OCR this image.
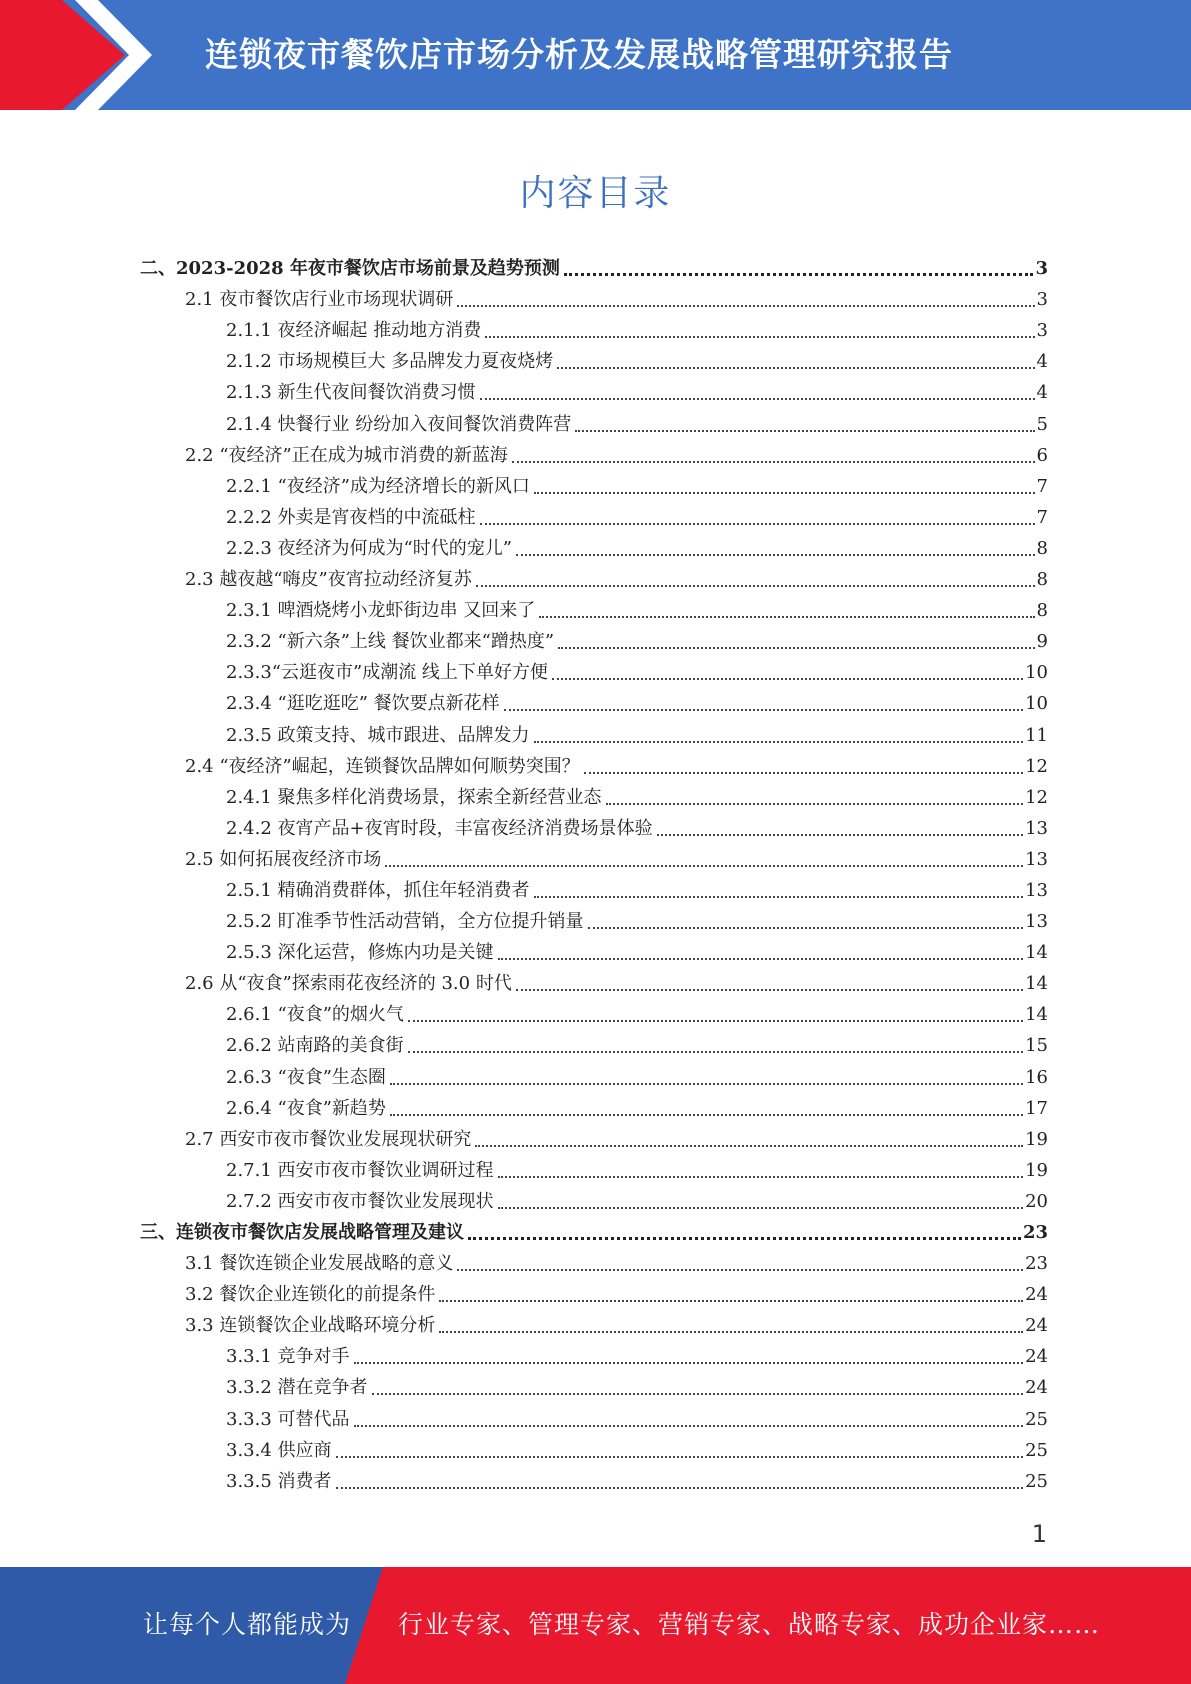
连锁夜市餐饮店市场分析及发展战略管理研究报告
内容目录
二、2023-2028 年夜市餐饮店市场前景及趋势预测	3
2.1 夜市餐饮店行业市场现状调研	3
2.1.1 夜经济崛起 推动地方消费	3
2.1.2 市场规模巨大 多品牌发力夏夜烧烤	4
2.1.3 新生代夜间餐饮消费习惯	4
2.1.4 快餐行业 纷纷加入夜间餐饮消费阵营	5
2.2 “夜经济”正在成为城市消费的新蓝海	6
2.2.1 “夜经济”成为经济增长的新风口	7
2.2.2 外卖是宵夜档的中流砥柱	7
2.2.3 夜经济为何成为“时代的宠儿”	8
2.3 越夜越“嗨皮”夜宵拉动经济复苏	8
2.3.1 啤酒烧烤小龙虾街边串 又回来了	8
2.3.2 “新六条”上线 餐饮业都来“蹭热度”	9
2.3.3“云逛夜市”成潮流 线上下单好方便	10
2.3.4 “逛吃逛吃” 餐饮要点新花样	10
2.3.5 政策支持、城市跟进、品牌发力	11
2.4 “夜经济”崛起，连锁餐饮品牌如何顺势突围？	12
2.4.1 聚焦多样化消费场景，探索全新经营业态	12
2.4.2 夜宵产品+夜宵时段，丰富夜经济消费场景体验	13
2.5 如何拓展夜经济市场	13
2.5.1 精确消费群体，抓住年轻消费者	13
2.5.2 盯准季节性活动营销，全方位提升销量	13
2.5.3 深化运营，修炼内功是关键	14
2.6 从“夜食”探索雨花夜经济的 3.0 时代	14
2.6.1 “夜食”的烟火气	14
2.6.2 站南路的美食街	15
2.6.3 “夜食”生态圈	16
2.6.4 “夜食”新趋势	17
2.7 西安市夜市餐饮业发展现状研究	19
2.7.1 西安市夜市餐饮业调研过程	19
2.7.2 西安市夜市餐饮业发展现状	20
三、连锁夜市餐饮店发展战略管理及建议	23
3.1 餐饮连锁企业发展战略的意义	23
3.2 餐饮企业连锁化的前提条件	24
3.3 连锁餐饮企业战略环境分析	24
3.3.1 竞争对手	24
3.3.2 潜在竞争者	24
3.3.3 可替代品	25
3.3.4 供应商	25
3.3.5 消费者	25
1
让每个人都能成为 行业专家、管理专家、营销专家、战略专家、成功企业家……
